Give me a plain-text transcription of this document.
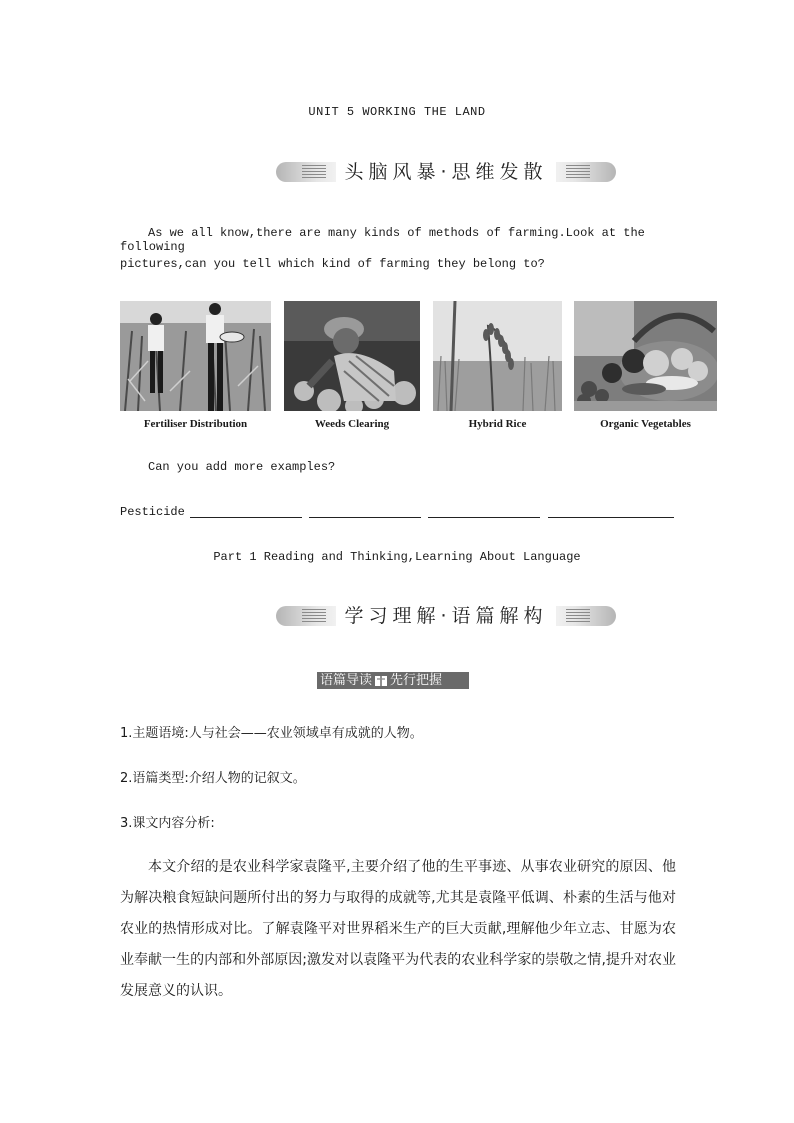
UNIT 5 WORKING THE LAND
头脑风暴·思维发散
As we all know,there are many kinds of methods of farming.Look at the following
pictures,can you tell which kind of farming they belong to?
Fertiliser Distribution	Weeds Clearing	Hybrid Rice	Organic Vegetables
Can you add more examples?
Pesticide
Part 1 Reading and Thinking,Learning About Language
学习理解·语篇解构
语篇导读 先行把握
1.主题语境:人与社会——农业领域卓有成就的人物。
2.语篇类型:介绍人物的记叙文。
3.课文内容分析:
本文介绍的是农业科学家袁隆平,主要介绍了他的生平事迹、从事农业研究的原因、他为解决粮食短缺问题所付出的努力与取得的成就等,尤其是袁隆平低调、朴素的生活与他对农业的热情形成对比。了解袁隆平对世界稻米生产的巨大贡献,理解他少年立志、甘愿为农业奉献一生的内部和外部原因;激发对以袁隆平为代表的农业科学家的崇敬之情,提升对农业发展意义的认识。
